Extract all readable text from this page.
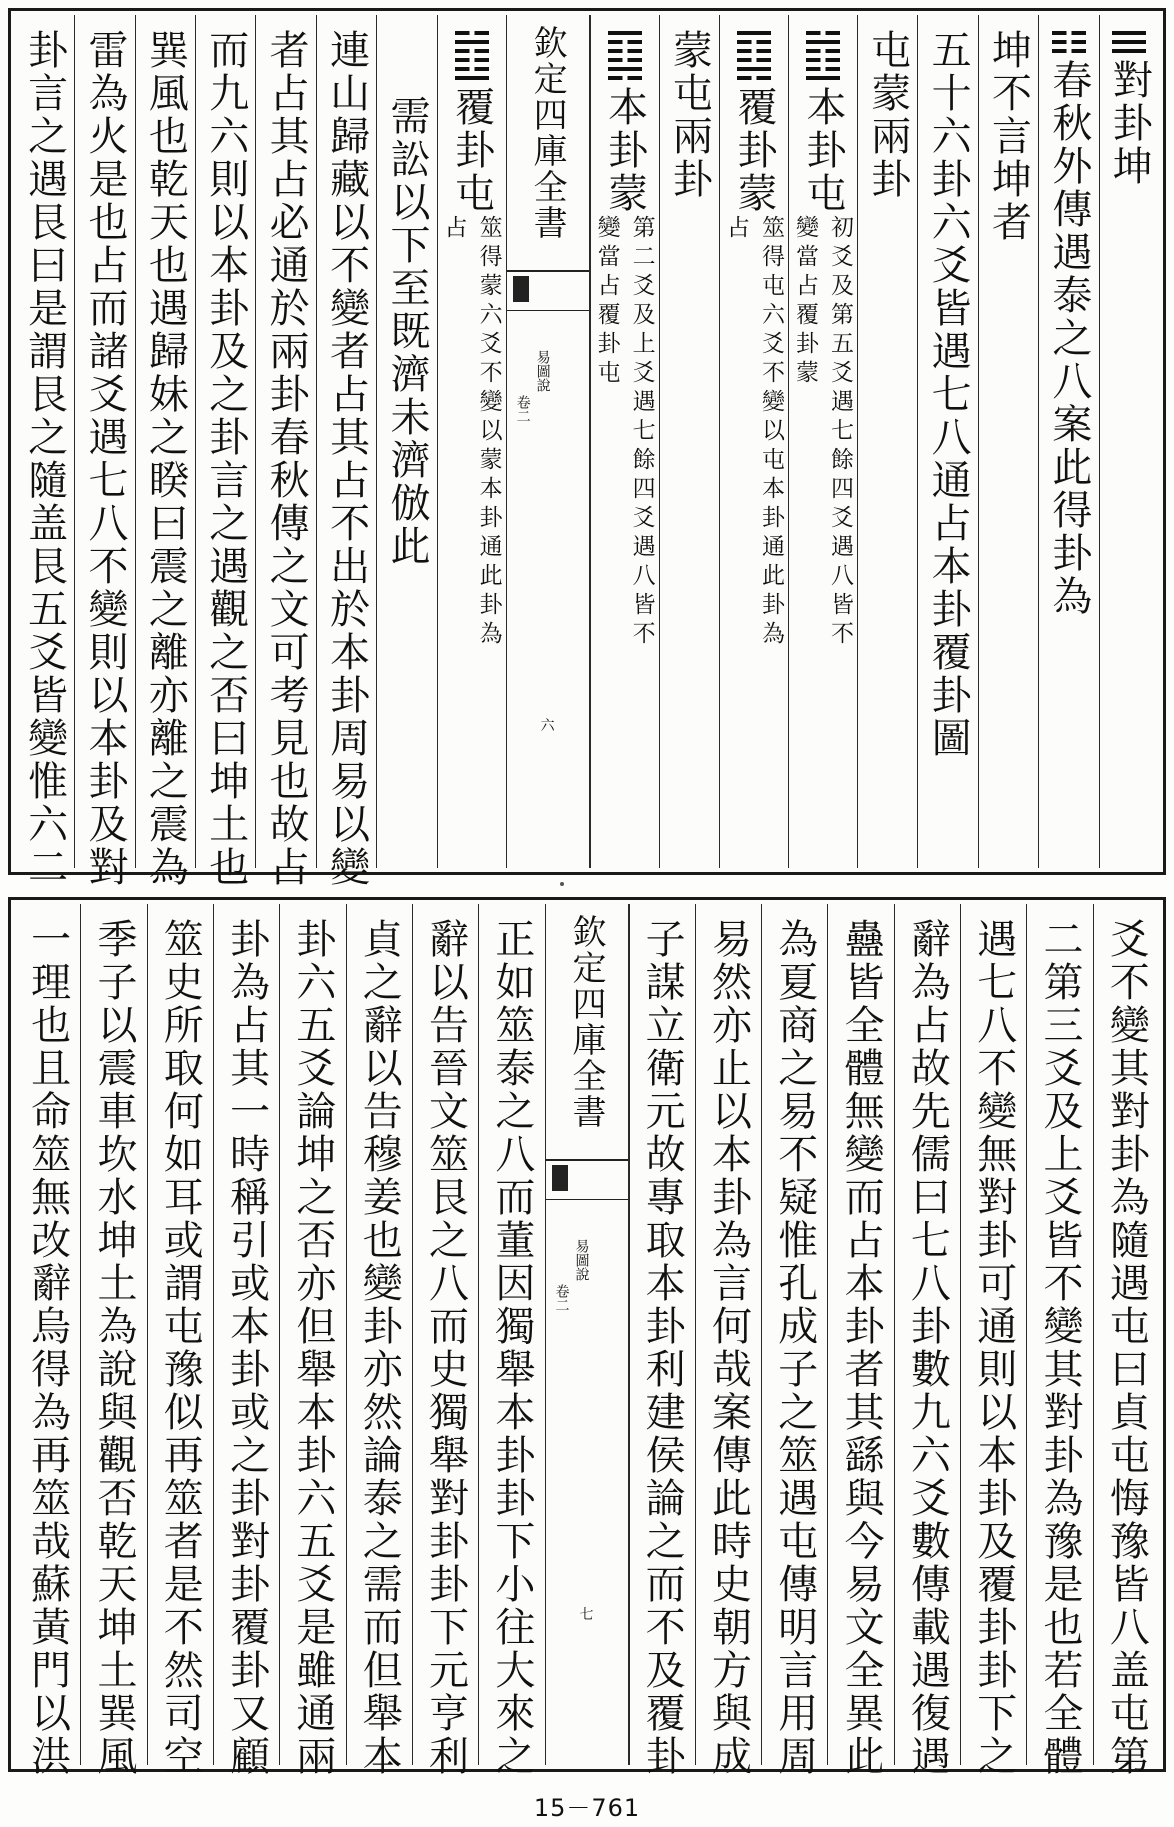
對卦坤
春秋外傳遇泰之八案此得卦為
坤不言坤者
五十六卦六爻皆遇七八通占本卦覆卦圖
屯蒙兩卦
本卦屯
初爻及第五爻遇七餘四爻遇八皆不
變當占覆卦蒙
覆卦蒙
筮得屯六爻不變以屯本卦通此卦為
占
蒙屯兩卦
本卦蒙
第二爻及上爻遇七餘四爻遇八皆不
變當占覆卦屯
欽定四庫全書
易圖說
卷二
六
覆卦屯
筮得蒙六爻不變以蒙本卦通此卦為
占
需訟以下至既濟未濟倣此
連山歸藏以不變者占其占不出於本卦周易以變
者占其占必通於兩卦春秋傳之文可考見也故占
而九六則以本卦及之卦言之遇觀之否曰坤土也
巽風也乾天也遇歸妹之睽曰震之離亦離之震為
雷為火是也占而諸爻遇七八不變則以本卦及對
卦言之遇艮曰是謂艮之隨盖艮五爻皆變惟六二
爻不變其對卦為隨遇屯曰貞屯悔豫皆八盖屯第
二第三爻及上爻皆不變其對卦為豫是也若全體
遇七八不變無對卦可通則以本卦及覆卦卦下之
辭為占故先儒曰七八卦數九六爻數傳載遇復遇
蠱皆全體無變而占本卦者其繇與今易文全異此
為夏商之易不疑惟孔成子之筮遇屯傳明言用周
易然亦止以本卦為言何哉案傳此時史朝方與成
子謀立衛元故專取本卦利建侯論之而不及覆卦
欽定四庫全書
易圖說
卷二
七
正如筮泰之八而董因獨舉本卦卦下小往大來之
辭以告晉文筮艮之八而史獨舉對卦卦下元亨利
貞之辭以告穆姜也變卦亦然論泰之需而但舉本
卦六五爻論坤之否亦但舉本卦六五爻是雖通兩
卦為占其一時稱引或本卦或之卦對卦覆卦又顧
筮史所取何如耳或謂屯豫似再筮者是不然司空
季子以震車坎水坤土為說與觀否乾天坤土巽風
一理也且命筮無改辭烏得為再筮哉蘇黃門以洪
15－761
